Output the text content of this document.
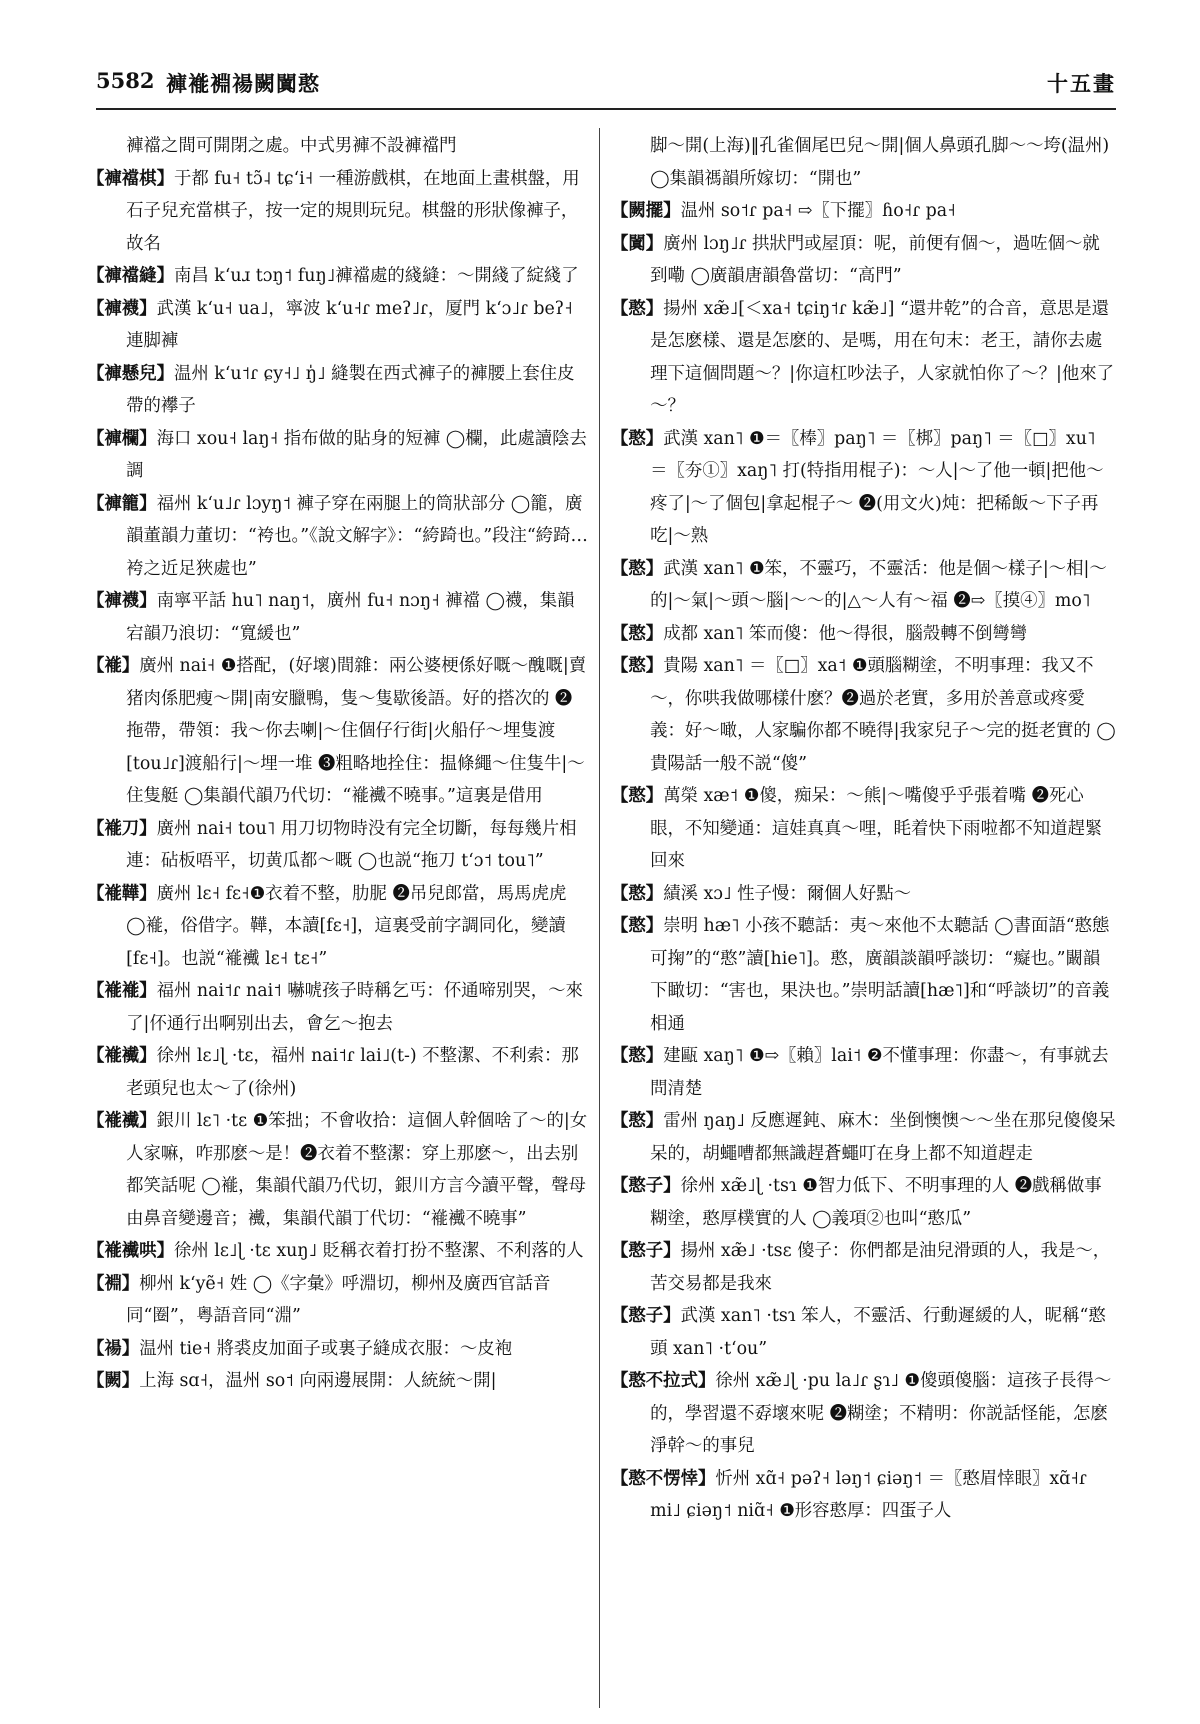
5582 褲褦裫禓闕闐憨	十五畫
褲襠之間可開閉之處。中式男褲不設褲襠門
【褲襠棋】于都 fu˧ tɔ̃˨ tɕʻi˧ 一種游戲棋，在地面上畫棋盤，用石子兒充當棋子，按一定的規則玩兒。棋盤的形狀像褲子，故名
【褲襠縫】南昌 kʻuɹ tɔŋ˦ fuŋ˩褲襠處的綫縫：～開綫了綻綫了
【褲襪】武漢 kʻu˧ ua˩，寧波 kʻu˧ɾ meʔ˩ɾ，厦門 kʻɔ˩ɾ beʔ˧ 連脚褲
【褲懸兒】温州 kʻu˦ɾ ɕy˧˩ ŋ̍˩ 縫製在西式褲子的褲腰上套住皮帶的襻子
【褲欄】海口 xou˧ laŋ˧ 指布做的貼身的短褲 ◯欄，此處讀陰去調
【褲籠】福州 kʻu˩ɾ lɔyŋ˦ 褲子穿在兩腿上的筒狀部分 ◯籠，廣韻董韻力董切：“袴也。”《說文解字》：“絝踦也。”段注“絝踦…袴之近足狹處也”
【褲襪】南寧平話 hu˥ naŋ˦，廣州 fu˧ nɔŋ˧ 褲襠 ◯襪，集韻宕韻乃浪切：“寬緩也”
【褦】廣州 nai˧ ❶搭配，(好壞)間雜：兩公婆梗係好嘅～醜嘅|賣猪肉係肥瘦～開|南安臘鴨，隻～隻歇後語。好的搭次的 ❷拖帶，帶領：我～你去喇|～住個仔行街|火船仔～埋隻渡[tou˩ɾ]渡船行|～埋一堆 ❸粗略地拴住：揾條繩～住隻牛|～住隻艇 ◯集韻代韻乃代切：“褦襶不曉事。”這裏是借用
【褦刀】廣州 nai˧ tou˥ 用刀切物時没有完全切斷，每每幾片相連：砧板唔平，切黄瓜都～嘅 ◯也説“拖刀 tʻɔ˦ tou˥”
【褦鞾】廣州 lɛ˧ fɛ˧❶衣着不整，肋胒 ❷吊兒郎當，馬馬虎虎 ◯褦，俗借字。鞾，本讀[fɛ˧]，這裏受前字調同化，變讀[fɛ˧]。也説“褦襶 lɛ˧ tɛ˧”
【褦褦】福州 nai˦ɾ nai˦ 嚇唬孩子時稱乞丐：伓通啼别哭，～來了|伓通行出啊别出去，會乞～抱去
【褦襶】徐州 lɛ˩ɭ ·tɛ，福州 nai˦ɾ lai˩(t-) 不整潔、不利索：那老頭兒也太～了(徐州)
【褦襶】銀川 lɛ˥ ·tɛ ❶笨拙；不會收拾：這個人幹個啥了～的|女人家嘛，咋那麽～是！❷衣着不整潔：穿上那麽～，出去别都笑話呢 ◯褦，集韻代韻乃代切，銀川方言今讀平聲，聲母由鼻音變邊音；襶，集韻代韻丁代切：“褦襶不曉事”
【褦襶哄】徐州 lɛ˩ɭ ·tɛ xuŋ˩ 貶稱衣着打扮不整潔、不利落的人
【裫】柳州 kʻyẽ˧ 姓 ◯《字彙》呼淵切，柳州及廣西官話音同“圈”，粤語音同“淵”
【禓】温州 tie˧ 將裘皮加面子或裏子縫成衣服：～皮袍
【闕】上海 sɑ˧，温州 so˦ 向兩邊展開：人統統～開|
脚～開(上海)‖孔雀個尾巴兒～開|個人鼻頭孔脚～～垮(温州) ◯集韻禡韻所嫁切：“開也”
【闕擺】温州 so˦ɾ pa˧ ⇨〖下擺〗ɦo˧ɾ pa˧
【闐】廣州 lɔŋ˩ɾ 拱狀門或屋頂：呢，前便有個～，過咗個～就到嘞 ◯廣韻唐韻魯當切：“高門”
【憨】揚州 xæ̃˩[＜xa˧ tɕiŋ˦ɾ kæ̃˩] “還井乾”的合音，意思是還是怎麽樣、還是怎麽的、是嗎，用在句末：老王，請你去處理下這個問題～？|你這杠吵法子，人家就怕你了～？|他來了～？
【憨】武漢 xan˥ ❶＝〖棒〗paŋ˥ ＝〖梆〗paŋ˥ ＝〖□〗xu˥ ＝〖夯①〗xaŋ˥ 打(特指用棍子)：～人|～了他一頓|把他～疼了|～了個包|拿起棍子～ ❷(用文火)炖：把稀飯～下子再吃|～熟
【憨】武漢 xan˥ ❶笨，不靈巧，不靈活：他是個～樣子|～相|～的|～氣|～頭～腦|～～的|△～人有～福 ❷⇨〖摸④〗mo˥
【憨】成都 xan˥ 笨而傻：他～得很，腦殼轉不倒彎彎
【憨】貴陽 xan˥ ＝〖□〗xa˦ ❶頭腦糊塗，不明事理：我又不～，你哄我做哪樣什麽？❷過於老實，多用於善意或疼愛義：好～噉，人家騙你都不曉得|我家兒子～完的挺老實的 ◯貴陽話一般不説“傻”
【憨】萬榮 xæ˦ ❶傻，痴呆：～熊|～嘴傻乎乎張着嘴 ❷死心眼，不知變通：這娃真真～哩，眊着快下雨啦都不知道趕緊回來
【憨】績溪 xɔ˩ 性子慢：爾個人好點～
【憨】崇明 hæ˥ 小孩不聽話：夷～來他不太聽話 ◯書面語“憨態可掬”的“憨”讀[hie˥]。憨，廣韻談韻呼談切：“癡也。”闞韻下瞰切：“害也，果決也。”崇明話讀[hæ˥]和“呼談切”的音義相通
【憨】建甌 xaŋ˥ ❶⇨〖賴〗lai˦ ❷不懂事理：你盡～，有事就去問清楚
【憨】雷州 ŋaŋ˩ 反應遲鈍、麻木：坐倒懊懊～～坐在那兒傻傻呆呆的，胡蠅嘈都無識趕蒼蠅叮在身上都不知道趕走
【憨子】徐州 xæ̃˩ɭ ·tsɿ ❶智力低下、不明事理的人 ❷戲稱做事糊塗，憨厚樸實的人 ◯義項②也叫“憨瓜”
【憨子】揚州 xæ̃˩ ·tsɛ 傻子：你們都是油兒滑頭的人，我是～，苦交易都是我來
【憨子】武漢 xan˥ ·tsɿ 笨人，不靈活、行動遲緩的人，昵稱“憨頭 xan˥ ·tʻou”
【憨不拉式】徐州 xæ̃˩ɭ ·pu la˩ɾ ʂɿ˩ ❶傻頭傻腦：這孩子長得～的，學習還不孬壞來呢 ❷糊塗；不精明：你説話怪能，怎麽淨幹～的事兒
【憨不愣悻】忻州 xɑ̃˧ pəʔ˧ ləŋ˦ ɕiəŋ˦ ＝〖憨眉悻眼〗xɑ̃˧ɾ mi˩ ɕiəŋ˦ niɑ̃˧ ❶形容憨厚：四蛋子人
